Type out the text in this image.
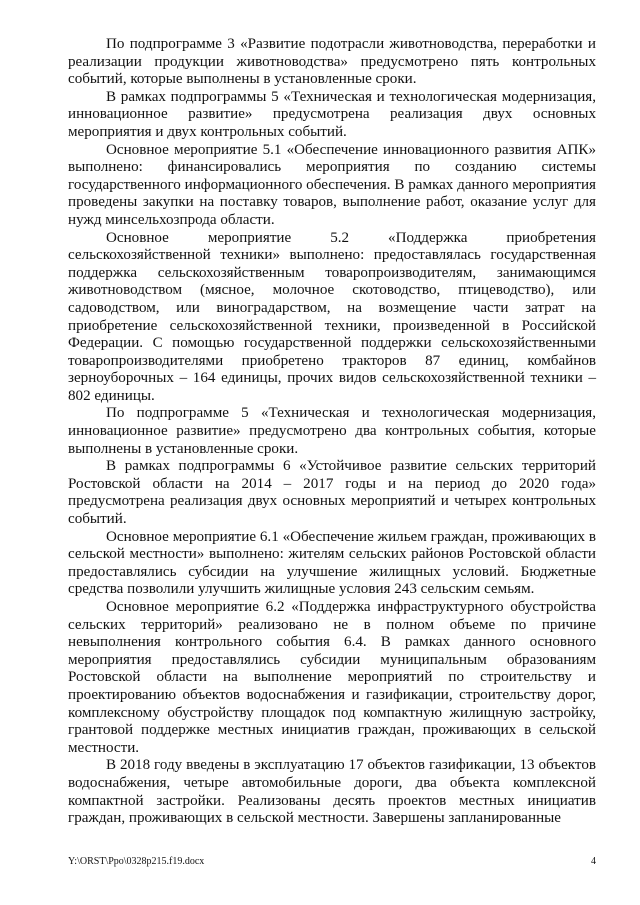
По подпрограмме 3 «Развитие подотрасли животноводства, переработки и реализации продукции животноводства» предусмотрено пять контрольных событий, которые выполнены в установленные сроки.

В рамках подпрограммы 5 «Техническая и технологическая модернизация, инновационное развитие» предусмотрена реализация двух основных мероприятия и двух контрольных событий.

Основное мероприятие 5.1 «Обеспечение инновационного развития АПК» выполнено: финансировались мероприятия по созданию системы государственного информационного обеспечения. В рамках данного мероприятия проведены закупки на поставку товаров, выполнение работ, оказание услуг для нужд минсельхозпрода области.

Основное мероприятие 5.2 «Поддержка приобретения сельскохозяйственной техники» выполнено: предоставлялась государственная поддержка сельскохозяйственным товаропроизводителям, занимающимся животноводством (мясное, молочное скотоводство, птицеводство), или садоводством, или виноградарством, на возмещение части затрат на приобретение сельскохозяйственной техники, произведенной в Российской Федерации. С помощью государственной поддержки сельскохозяйственными товаропроизводителями приобретено тракторов 87 единиц, комбайнов зерноуборочных – 164 единицы, прочих видов сельскохозяйственной техники – 802 единицы.

По подпрограмме 5 «Техническая и технологическая модернизация, инновационное развитие» предусмотрено два контрольных события, которые выполнены в установленные сроки.

В рамках подпрограммы 6 «Устойчивое развитие сельских территорий Ростовской области на 2014 – 2017 годы и на период до 2020 года» предусмотрена реализация двух основных мероприятий и четырех контрольных событий.

Основное мероприятие 6.1 «Обеспечение жильем граждан, проживающих в сельской местности» выполнено: жителям сельских районов Ростовской области предоставлялись субсидии на улучшение жилищных условий. Бюджетные средства позволили улучшить жилищные условия 243 сельским семьям.

Основное мероприятие 6.2 «Поддержка инфраструктурного обустройства сельских территорий» реализовано не в полном объеме по причине невыполнения контрольного события 6.4. В рамках данного основного мероприятия предоставлялись субсидии муниципальным образованиям Ростовской области на выполнение мероприятий по строительству и проектированию объектов водоснабжения и газификации, строительству дорог, комплексному обустройству площадок под компактную жилищную застройку, грантовой поддержке местных инициатив граждан, проживающих в сельской местности.

В 2018 году введены в эксплуатацию 17 объектов газификации, 13 объектов водоснабжения, четыре автомобильные дороги, два объекта комплексной компактной застройки. Реализованы десять проектов местных инициатив граждан, проживающих в сельской местности. Завершены запланированные

Y:\ORST\Ppo\0328p215.f19.docx	4
